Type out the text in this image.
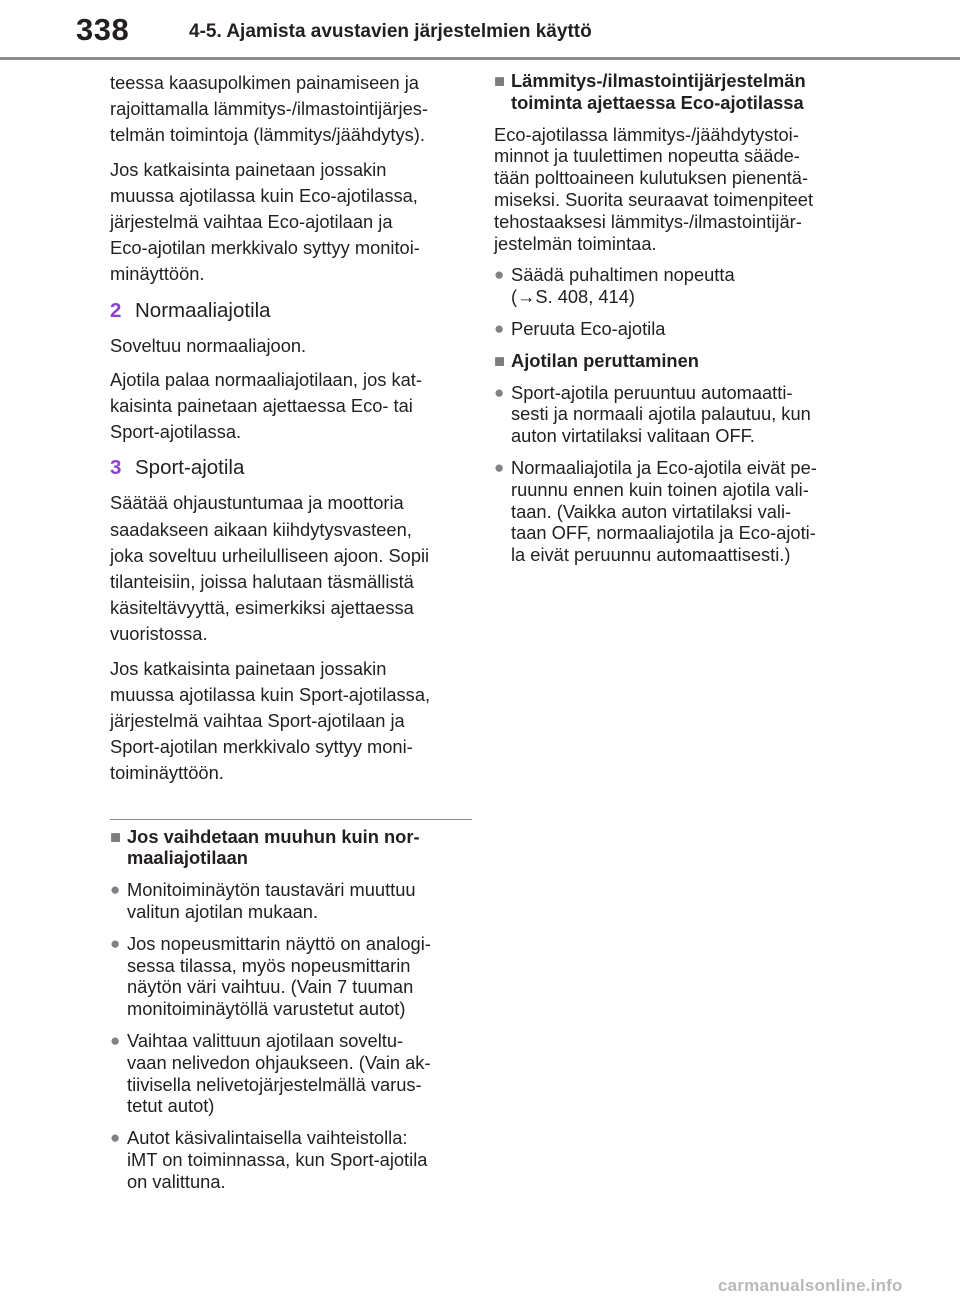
338	4-5. Ajamista avustavien järjestelmien käyttö

teessa kaasupolkimen painamiseen ja
rajoittamalla lämmitys-/ilmastointijärjes-
telmän toimintoja (lämmitys/jäähdytys).

Jos katkaisinta painetaan jossakin
muussa ajotilassa kuin Eco-ajotilassa,
järjestelmä vaihtaa Eco-ajotilaan ja
Eco-ajotilan merkkivalo syttyy monitoi-
minäyttöön.

2 Normaaliajotila

Soveltuu normaaliajoon.

Ajotila palaa normaaliajotilaan, jos kat-
kaisinta painetaan ajettaessa Eco- tai
Sport-ajotilassa.

3 Sport-ajotila

Säätää ohjaustuntumaa ja moottoria
saadakseen aikaan kiihdytysvasteen,
joka soveltuu urheilulliseen ajoon. Sopii
tilanteisiin, joissa halutaan täsmällistä
käsiteltävyyttä, esimerkiksi ajettaessa
vuoristossa.

Jos katkaisinta painetaan jossakin
muussa ajotilassa kuin Sport-ajotilassa,
järjestelmä vaihtaa Sport-ajotilaan ja
Sport-ajotilan merkkivalo syttyy moni-
toiminäyttöön.

■ Jos vaihdetaan muuhun kuin nor-
maaliajotilaan
● Monitoiminäytön taustaväri muuttuu
valitun ajotilan mukaan.
● Jos nopeusmittarin näyttö on analogi-
sessa tilassa, myös nopeusmittarin
näytön väri vaihtuu. (Vain 7 tuuman
monitoiminäytöllä varustetut autot)
● Vaihtaa valittuun ajotilaan soveltu-
vaan nelivedon ohjaukseen. (Vain ak-
tiivisella nelivetojärjestelmällä varus-
tetut autot)
● Autot käsivalintaisella vaihteistolla:
iMT on toiminnassa, kun Sport-ajotila
on valittuna.
■ Lämmitys-/ilmastointijärjestelmän
toiminta ajettaessa Eco-ajotilassa

Eco-ajotilassa lämmitys-/jäähdytystoi-
minnot ja tuulettimen nopeutta sääde-
tään polttoaineen kulutuksen pienentä-
miseksi. Suorita seuraavat toimenpiteet
tehostaaksesi lämmitys-/ilmastointijär-
jestelmän toimintaa.

● Säädä puhaltimen nopeutta
(→S. 408, 414)
● Peruuta Eco-ajotila
■ Ajotilan peruttaminen
● Sport-ajotila peruuntuu automaatti-
sesti ja normaali ajotila palautuu, kun
auton virtatilaksi valitaan OFF.
● Normaaliajotila ja Eco-ajotila eivät pe-
ruunnu ennen kuin toinen ajotila vali-
taan. (Vaikka auton virtatilaksi vali-
taan OFF, normaaliajotila ja Eco-ajoti-
la eivät peruunnu automaattisesti.)
carmanualsonline.info
